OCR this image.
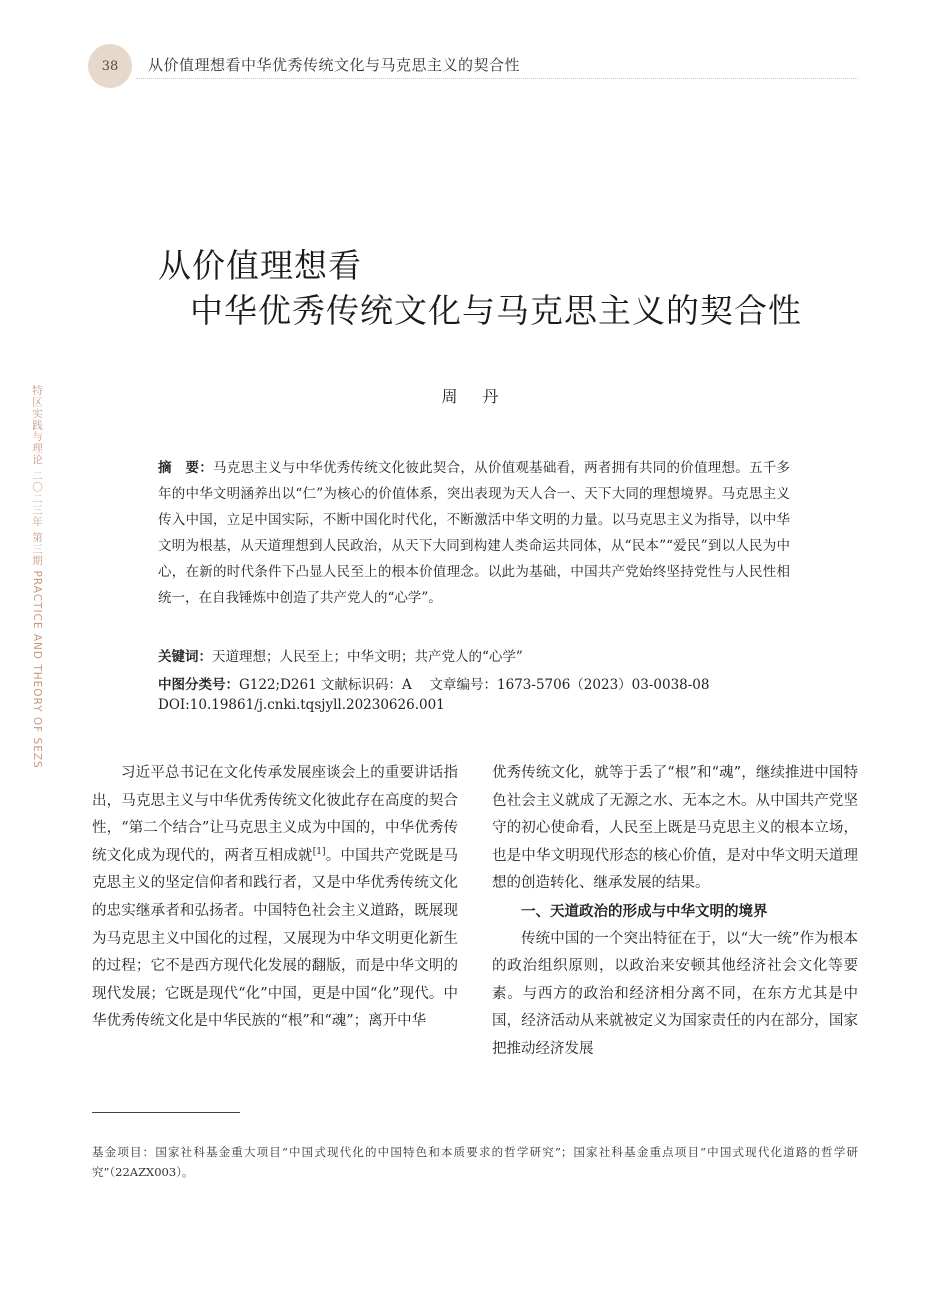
38 从价值理想看中华优秀传统文化与马克思主义的契合性
特区实践与理论 二〇二三年 第三期 PRACTICE AND THEORY OF SEZS
从价值理想看
中华优秀传统文化与马克思主义的契合性
周 丹
摘　要：马克思主义与中华优秀传统文化彼此契合，从价值观基础看，两者拥有共同的价值理想。五千多年的中华文明涵养出以“仁”为核心的价值体系，突出表现为天人合一、天下大同的理想境界。马克思主义传入中国，立足中国实际，不断中国化时代化，不断激活中华文明的力量。以马克思主义为指导，以中华文明为根基，从天道理想到人民政治，从天下大同到构建人类命运共同体，从“民本”“爱民”到以人民为中心，在新的时代条件下凸显人民至上的根本价值理念。以此为基础，中国共产党始终坚持党性与人民性相统一，在自我锤炼中创造了共产党人的“心学”。
关键词：天道理想；人民至上；中华文明；共产党人的“心学”
中图分类号：G122;D261 文献标识码：A　 文章编号：1673-5706（2023）03-0038-08
DOI:10.19861/j.cnki.tqsjyll.20230626.001

习近平总书记在文化传承发展座谈会上的重要讲话指出，马克思主义与中华优秀传统文化彼此存在高度的契合性，“第二个结合”让马克思主义成为中国的，中华优秀传统文化成为现代的，两者互相成就[1]。中国共产党既是马克思主义的坚定信仰者和践行者，又是中华优秀传统文化的忠实继承者和弘扬者。中国特色社会主义道路，既展现为马克思主义中国化的过程，又展现为中华文明更化新生的过程；它不是西方现代化发展的翻版，而是中华文明的现代发展；它既是现代“化”中国，更是中国“化”现代。中华优秀传统文化是中华民族的“根”和“魂”；离开中华

优秀传统文化，就等于丢了“根”和“魂”，继续推进中国特色社会主义就成了无源之水、无本之木。从中国共产党坚守的初心使命看，人民至上既是马克思主义的根本立场，也是中华文明现代形态的核心价值，是对中华文明天道理想的创造转化、继承发展的结果。

一、天道政治的形成与中华文明的境界

传统中国的一个突出特征在于，以“大一统”作为根本的政治组织原则，以政治来安顿其他经济社会文化等要素。与西方的政治和经济相分离不同，在东方尤其是中国，经济活动从来就被定义为国家责任的内在部分，国家把推动经济发展

基金项目：国家社科基金重大项目“中国式现代化的中国特色和本质要求的哲学研究”；国家社科基金重点项目“中国式现代化道路的哲学研究”（22AZX003）。
